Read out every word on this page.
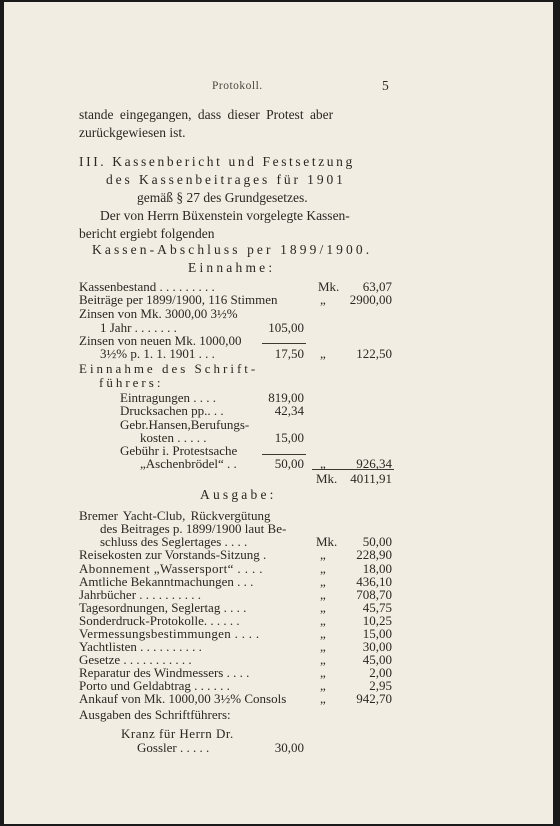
Protokoll.	5
stande eingegangen, dass dieser Protest aber
zurückgewiesen ist.
III. Kassenbericht und Festsetzung
des Kassenbeitrages für 1901
gemäß § 27 des Grundgesetzes.
Der von Herrn Büxenstein vorgelegte Kassen-
bericht ergiebt folgenden
Kassen-Abschluss per 1899/1900.
Einnahme:
Kassenbestand . . . . . . . . .	Mk.	63,07
Beiträge per 1899/1900, 116 Stimmen	„	2900,00
Zinsen von Mk. 3000,00 3½%
1 Jahr . . . . . . .	105,00
Zinsen von neuen Mk. 1000,00
3½% p. 1. 1. 1901 . . .	17,50 „	122,50
Einnahme des Schrift-
führers:
Eintragungen . . . .	819,00
Drucksachen pp.. . .	42,34
Gebr.Hansen,Berufungs-
kosten . . . . .	15,00
Gebühr i. Protestsache
„Aschenbrödel“ . .	50,00 „	926,34
Mk. 4011,91
Ausgabe:
Bremer Yacht-Club, Rückvergütung
des Beitrages p. 1899/1900 laut Be-
schluss des Seglertages . . . .	Mk.	50,00
Reisekosten zur Vorstands-Sitzung .	„	228,90
Abonnement „Wassersport“ . . . .	„	18,00
Amtliche Bekanntmachungen . . .	„	436,10
Jahrbücher . . . . . . . . . .	„	708,70
Tagesordnungen, Seglertag . . . .	„	45,75
Sonderdruck-Protokolle. . . . . .	„	10,25
Vermessungsbestimmungen . . . .	„	15,00
Yachtlisten . . . . . . . . . .	„	30,00
Gesetze . . . . . . . . . . .	„	45,00
Reparatur des Windmessers . . . .	„	2,00
Porto und Geldabtrag . . . . . .	„	2,95
Ankauf von Mk. 1000,00 3½% Consols	„	942,70
Ausgaben des Schriftführers:
Kranz für Herrn Dr.
Gossler . . . . .	30,00
